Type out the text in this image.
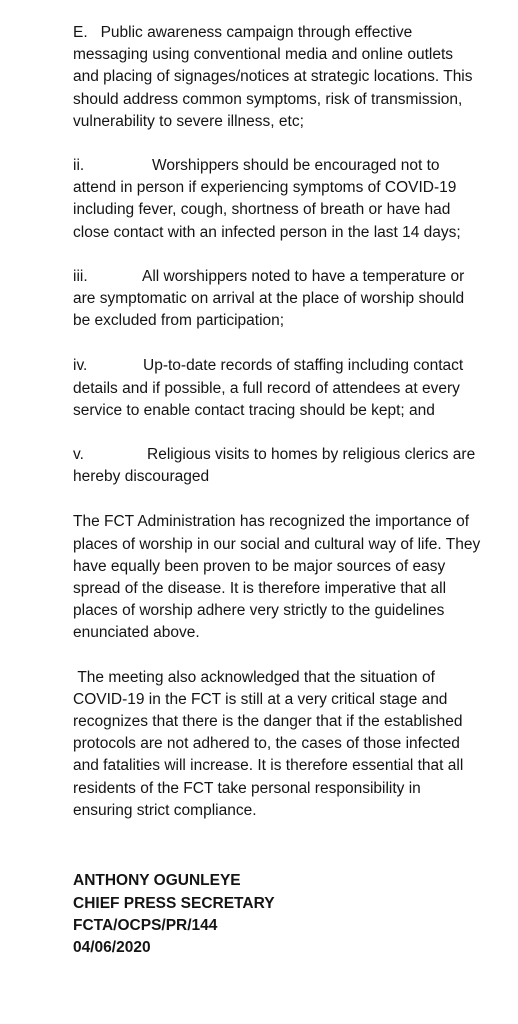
E. Public awareness campaign through effective messaging using conventional media and online outlets and placing of signages/notices at strategic locations. This should address common symptoms, risk of transmission, vulnerability to severe illness, etc;

ii.	Worshippers should be encouraged not to attend in person if experiencing symptoms of COVID-19 including fever, cough, shortness of breath or have had close contact with an infected person in the last 14 days;

iii.	All worshippers noted to have a temperature or are symptomatic on arrival at the place of worship should be excluded from participation;

iv.	Up-to-date records of staffing including contact details and if possible, a full record of attendees at every service to enable contact tracing should be kept; and

v.	Religious visits to homes by religious clerics are hereby discouraged

The FCT Administration has recognized the importance of places of worship in our social and cultural way of life. They have equally been proven to be major sources of easy spread of the disease. It is therefore imperative that all places of worship adhere very strictly to the guidelines enunciated above.

The meeting also acknowledged that the situation of COVID-19 in the FCT is still at a very critical stage and recognizes that there is the danger that if the established protocols are not adhered to, the cases of those infected and fatalities will increase. It is therefore essential that all residents of the FCT take personal responsibility in ensuring strict compliance.

ANTHONY OGUNLEYE
CHIEF PRESS SECRETARY
FCTA/OCPS/PR/144
04/06/2020
